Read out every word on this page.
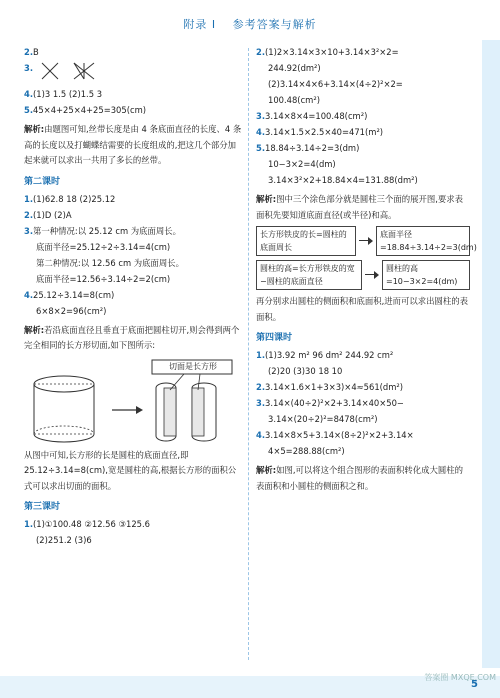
附录 I 参考答案与解析
2.B
3.
4.(1)3 1.5 (2)1.5 3
5.45×4+25×4+25=305(cm)
解析:由题图可知,丝带长度是由 4 条底面直径的长度、4 条高的长度以及打蝴蝶结需要的长度组成的,把这几个部分加起来就可以求出一共用了多长的丝带。
第二课时
1.(1)62.8 18 (2)25.12
2.(1)D (2)A
3.第一种情况:以 25.12 cm 为底面周长。
底面半径=25.12÷2÷3.14=4(cm)
第二种情况:以 12.56 cm 为底面周长。
底面半径=12.56÷3.14÷2=2(cm)
4.25.12÷3.14=8(cm)
6×8×2=96(cm²)
解析:若沿底面直径且垂直于底面把圆柱切开,则会得到两个完全相同的长方形切面,如下图所示:
切面是长方形
从图中可知,长方形的长是圆柱的底面直径,即 25.12÷3.14=8(cm),宽是圆柱的高,根据长方形的面积公式可以求出切面的面积。
第三课时
1.(1)①100.48 ②12.56 ③125.6
(2)251.2 (3)6
2.(1)2×3.14×3×10+3.14×3²×2=
244.92(dm²)
(2)3.14×4×6+3.14×(4÷2)²×2=
100.48(cm²)
3.3.14×8×4=100.48(cm²)
4.3.14×1.5×2.5×40=471(m²)
5.18.84÷3.14÷2=3(dm)
10−3×2=4(dm)
3.14×3²×2+18.84×4=131.88(dm²)
解析:图中三个涂色部分就是圆柱三个面的展开图,要求表面积先要知道底面直径(或半径)和高。
长方形铁皮的长=圆柱的底面周长
底面半径=18.84÷3.14÷2=3(dm)
圆柱的高=长方形铁皮的宽−圆柱的底面直径
圆柱的高=10−3×2=4(dm)
再分别求出圆柱的侧面积和底面积,进而可以求出圆柱的表面积。
第四课时
1.(1)3.92 m² 96 dm² 244.92 cm²
(2)20 (3)30 18 10
2.3.14×1.6×1+3×3)×4≈561(dm²)
3.3.14×(40÷2)²×2+3.14×40×50−
3.14×(20÷2)²=8478(cm²)
4.3.14×8×5+3.14×(8÷2)²×2+3.14×
4×5=288.88(cm²)
解析:如图,可以将这个组合图形的表面积转化成大圆柱的表面积和小圆柱的侧面积之和。
5
答案圈 MXQE.COM
